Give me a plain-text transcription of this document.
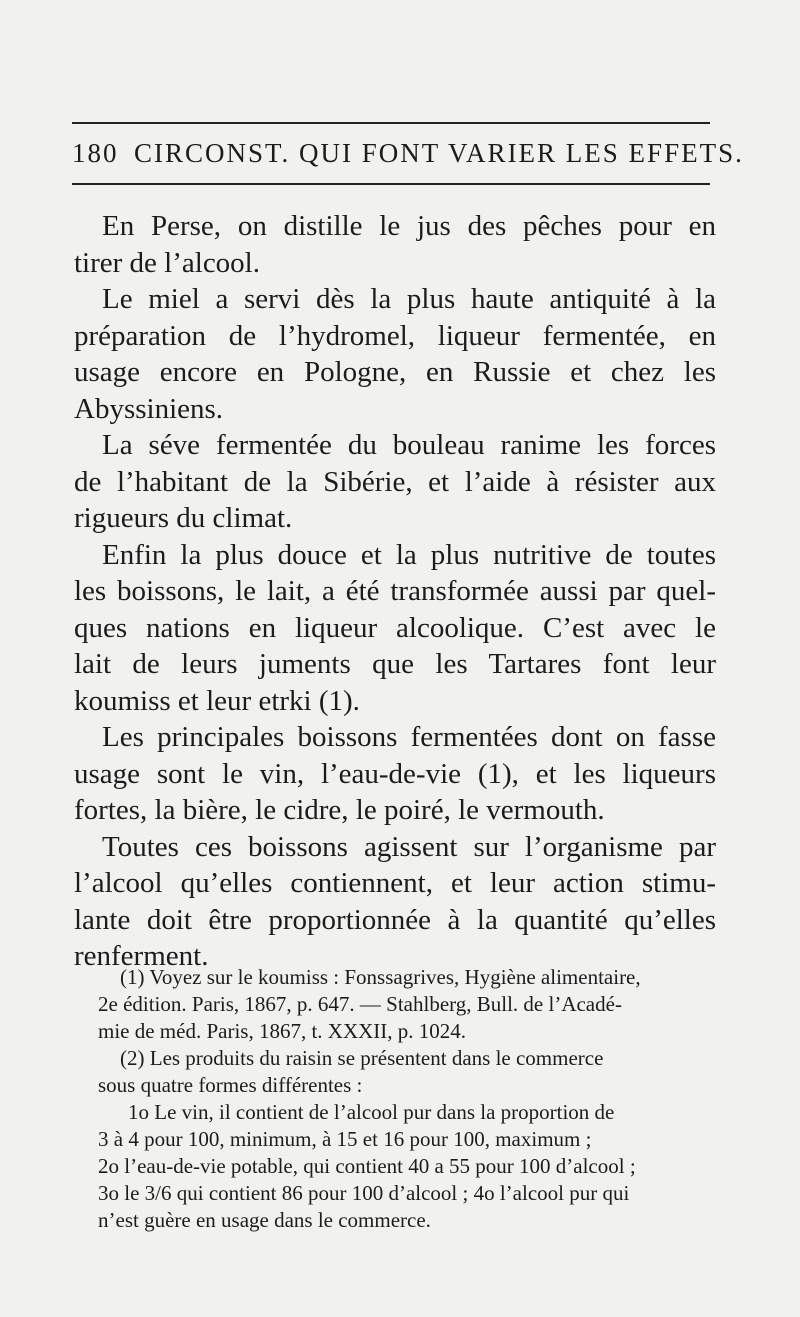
180 CIRCONST. QUI FONT VARIER LES EFFETS.

En Perse, on distille le jus des pêches pour en
tirer de l’alcool.

Le miel a servi dès la plus haute antiquité à la
préparation de l’hydromel, liqueur fermentée, en
usage encore en Pologne, en Russie et chez les
Abyssiniens.

La séve fermentée du bouleau ranime les forces
de l’habitant de la Sibérie, et l’aide à résister aux
rigueurs du climat.

Enfin la plus douce et la plus nutritive de toutes
les boissons, le lait, a été transformée aussi par quel-
ques nations en liqueur alcoolique. C’est avec le
lait de leurs juments que les Tartares font leur
koumiss et leur etrki (1).

Les principales boissons fermentées dont on fasse
usage sont le vin, l’eau-de-vie (1), et les liqueurs
fortes, la bière, le cidre, le poiré, le vermouth.

Toutes ces boissons agissent sur l’organisme par
l’alcool qu’elles contiennent, et leur action stimu-
lante doit être proportionnée à la quantité qu’elles
renferment.

(1) Voyez sur le koumiss : Fonssagrives, Hygiène alimentaire,
2e édition. Paris, 1867, p. 647. — Stahlberg, Bull. de l’Acadé-
mie de méd. Paris, 1867, t. XXXII, p. 1024.

(2) Les produits du raisin se présentent dans le commerce
sous quatre formes différentes :
1o Le vin, il contient de l’alcool pur dans la proportion de
3 à 4 pour 100, minimum, à 15 et 16 pour 100, maximum ;
2o l’eau-de-vie potable, qui contient 40 a 55 pour 100 d’alcool ;
3o le 3/6 qui contient 86 pour 100 d’alcool ; 4o l’alcool pur qui
n’est guère en usage dans le commerce.
